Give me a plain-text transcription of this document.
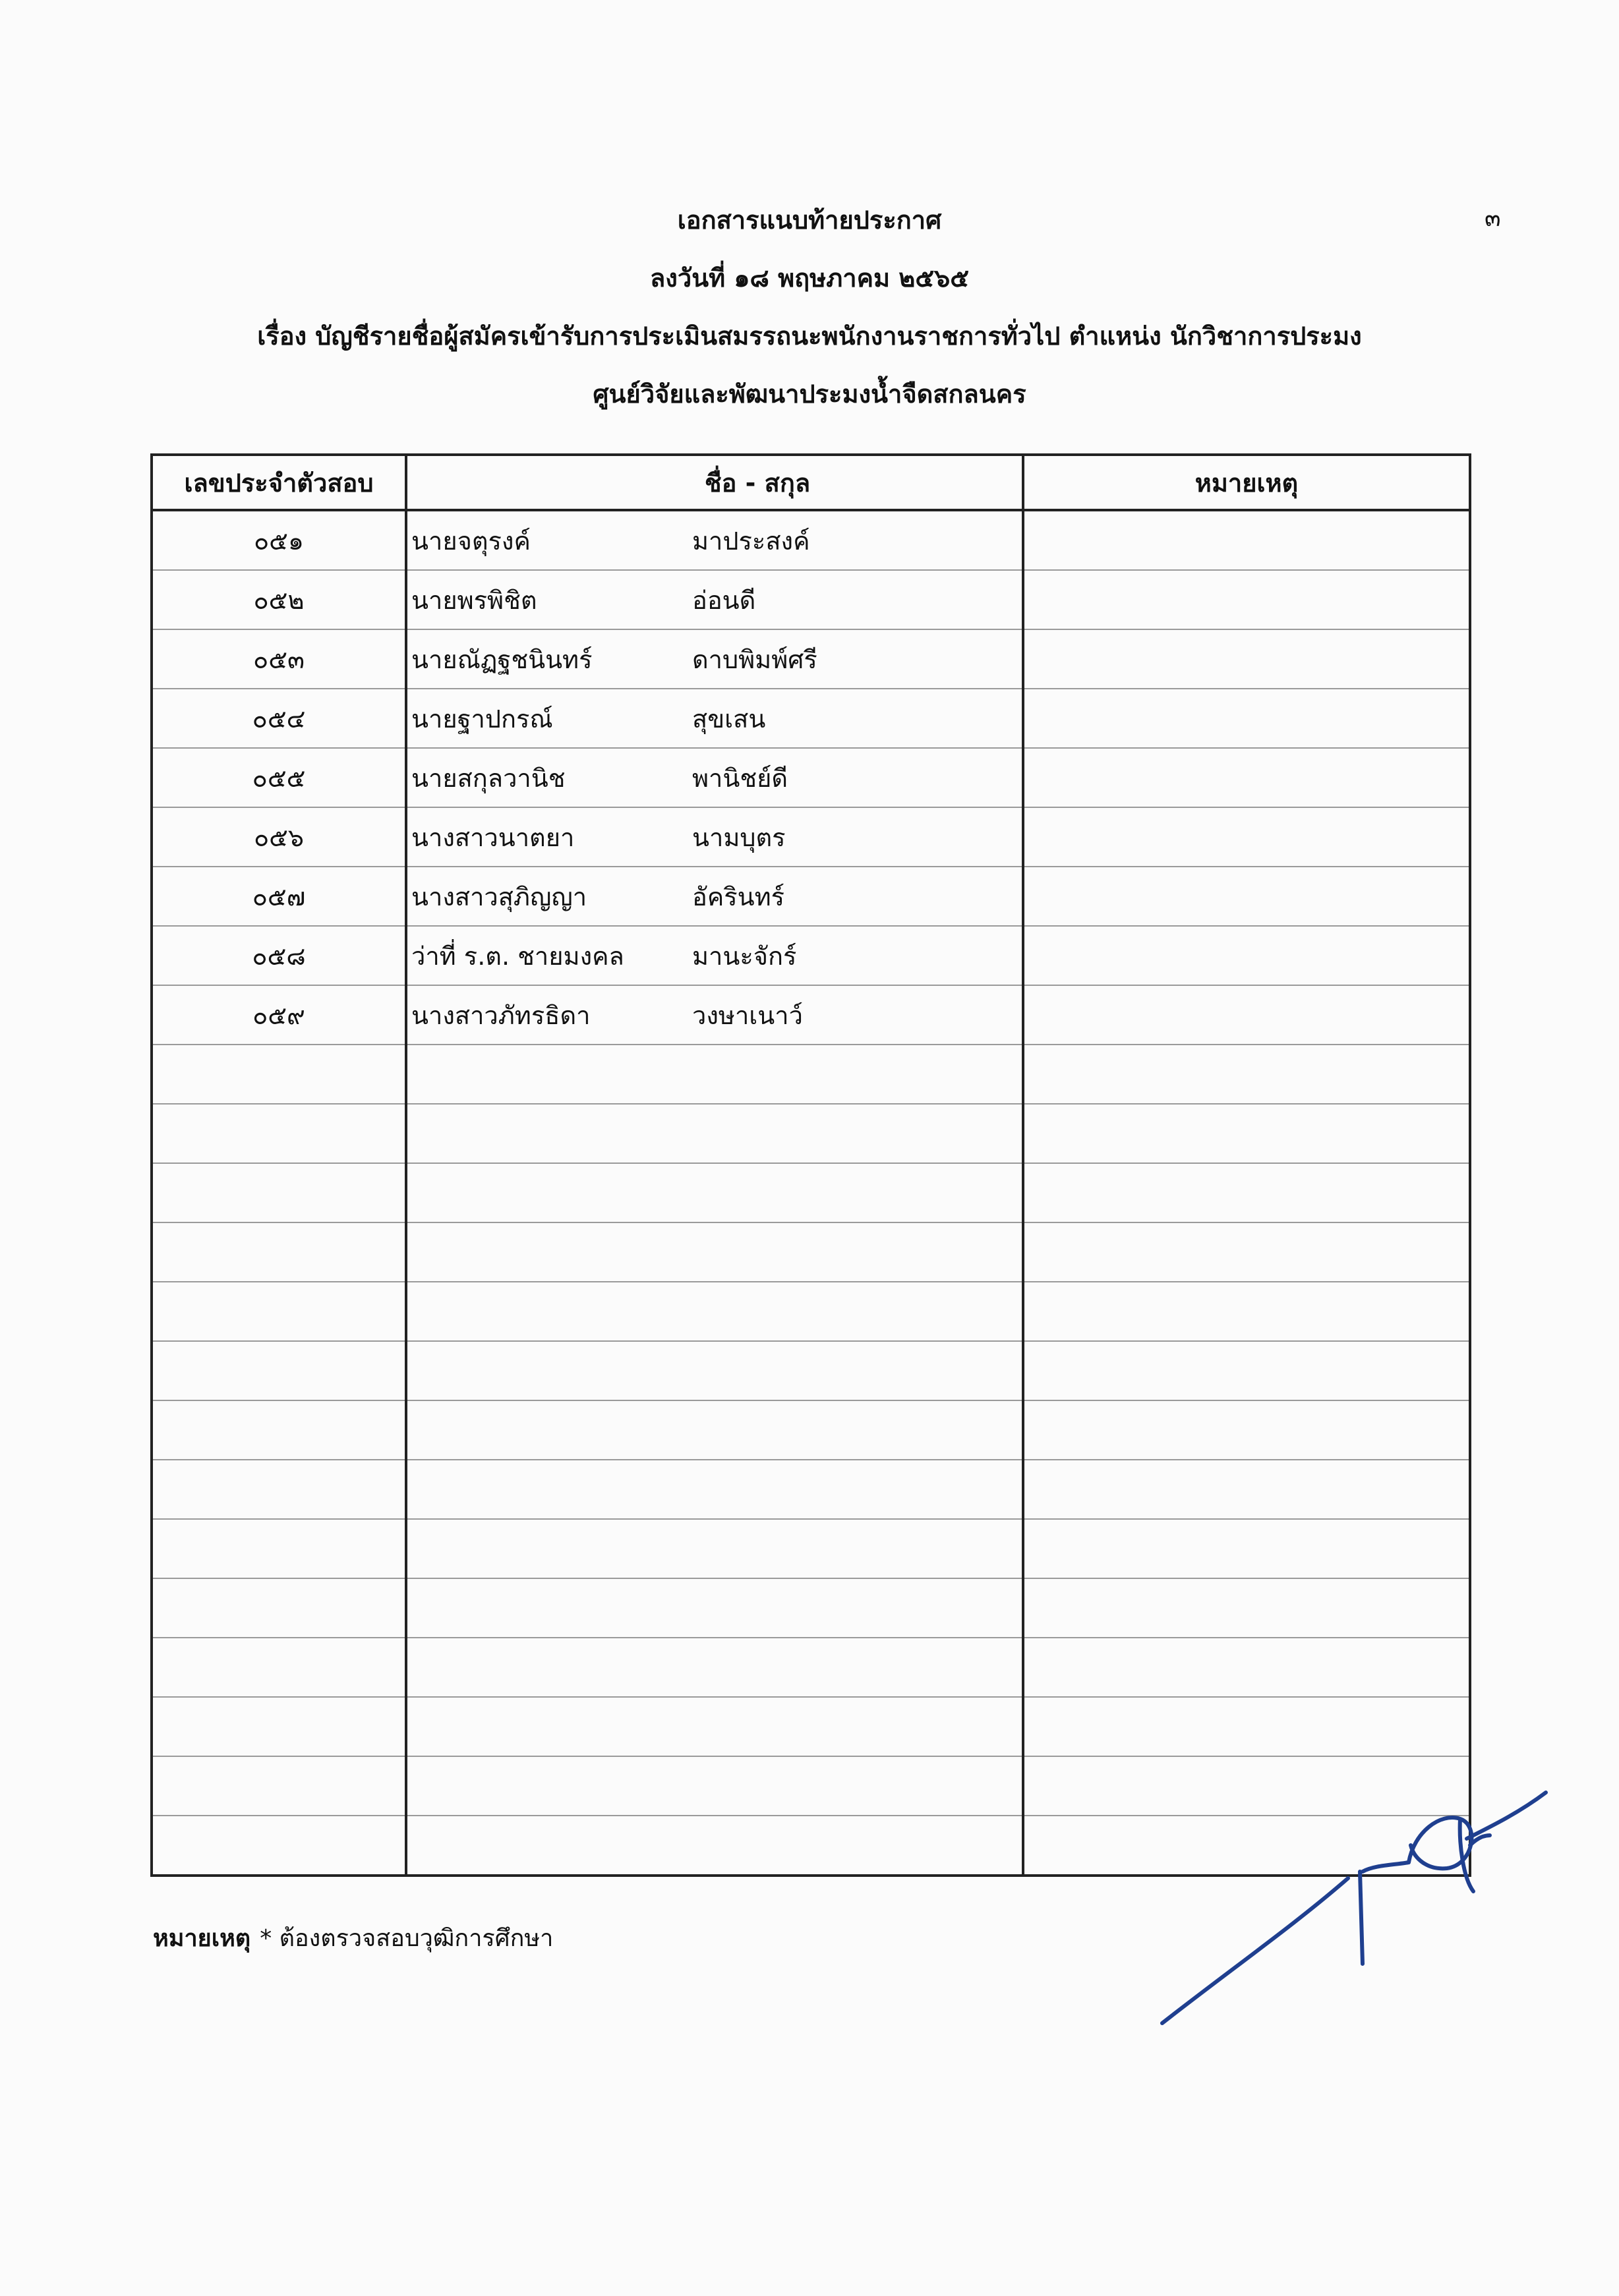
๓
เอกสารแนบท้ายประกาศ
ลงวันที่ ๑๘ พฤษภาคม ๒๕๖๕
เรื่อง บัญชีรายชื่อผู้สมัครเข้ารับการประเมินสมรรถนะพนักงานราชการทั่วไป ตำแหน่ง นักวิชาการประมง
ศูนย์วิจัยและพัฒนาประมงน้ำจืดสกลนคร
เลขประจำตัวสอบ	ชื่อ - สกุล	หมายเหตุ
๐๕๑	นายจตุรงค์ มาประสงค์	
๐๕๒	นายพรพิชิต อ่อนดี	
๐๕๓	นายณัฏฐชนินทร์ ดาบพิมพ์ศรี	
๐๕๔	นายฐาปกรณ์ สุขเสน	
๐๕๕	นายสกุลวานิช พานิชย์ดี	
๐๕๖	นางสาวนาตยา นามบุตร	
๐๕๗	นางสาวสุภิญญา อัครินทร์	
๐๕๘	ว่าที่ ร.ต. ชายมงคล มานะจักร์	
๐๕๙	นางสาวภัทรธิดา วงษาเนาว์	

หมายเหตุ * ต้องตรวจสอบวุฒิการศึกษา
